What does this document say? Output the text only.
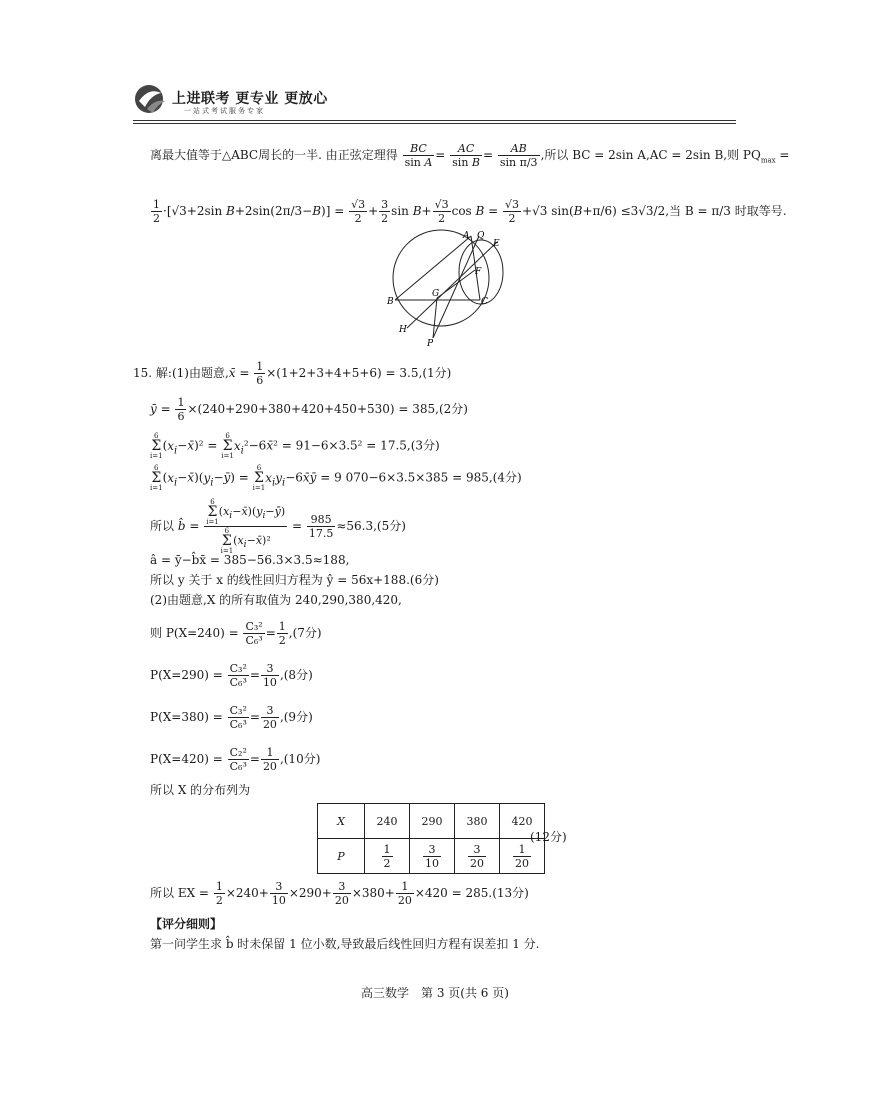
上进联考 更专业 更放心
一站式考试服务专家
离最大值等于△ABC周长的一半. 由正弦定理得 $\frac{BC}{\text{sin A}} = \frac{AC}{\text{sin B}} = \frac{AB}{\text{sin π/3}}$ ,所以 BC = 2sin A,AC = 2sin B,则 $PQ_{max}$ =
$\frac{1}{2} \cdot[√3+2\sin$ $B+2\sin(2\pi/3-B)] = \frac{√3}{2} + \frac{3}{2}$ $\sin B+ \frac{√3}{2}$ $\cos B = \frac{√3}{2} +√3$ sin(B+π/6) ≤3√3/2,当 B = π/3 时取等号.
A Q
E
F
B
G
C
H
P
15. 解:(1)由题意,x̄ = $\frac{1}{6} \times(1+2+3+4+5+6) = 3.5,(1$分)
ȳ = $\frac{1}{6} \times(240+290+380+420+450+530) = 385,(2$分)
6
Σ
i=1
$(x_i-x̄)^2$ =
6
Σ
i=1
$x_i^2-6x̄^2 = 91-6\times 3.5^2 = 17.5,(3$分)
6
Σ
i=1
$(x_i-x̄)(y_i-ȳ)$ =
6
Σ
i=1
$x_iy_i-6x̄ȳ = 9$ 070−6×3.5×385 = 985,(4分)
所以 b̂ = 6
Σ
i=1
$(x_i-x̄)(y_i-ȳ)$
6
Σ
i=1
$(x_i-x̄)^2 = \frac{985}{17.5} \approx 56.3,(5$分)
â = ȳ−b̂x̄ = 385−56.3×3.5≈188,
所以 y 关于 x 的线性回归方程为 ŷ = 56x+188.(6分)
(2)由题意,X 的所有取值为 240,290,380,420,
则 $P(X=240) = \frac{\text{C₃²}}{\text{C₆³}} = \frac{1}{2} ,(7$分)
$P(X=290) = \frac{\text{C₃²}}{\text{C₆³}} = \frac{3}{10} ,(8$分)
$P(X=380) = \frac{\text{C₃²}}{\text{C₆³}} = \frac{3}{20} ,(9$分)
$P(X=420) = \frac{\text{C₂²}}{\text{C₆³}} = \frac{1}{20} ,(10$分)
所以 X 的分布列为
X	240	290	380	420
P	$\frac{1}{2}$	$\frac{3}{10}$	$\frac{3}{20}$	$\frac{1}{20}$
(12分)
所以 EX = $\frac{1}{2} \times 240+ \frac{3}{10} \times 290+ \frac{3}{20} \times 380+ \frac{1}{20} \times 420 = 285.(13$分)
【评分细则】
第一问学生求 b̂ 时未保留 1 位小数,导致最后线性回归方程有误差扣 1 分.
高三数学　第 3 页(共 6 页)
